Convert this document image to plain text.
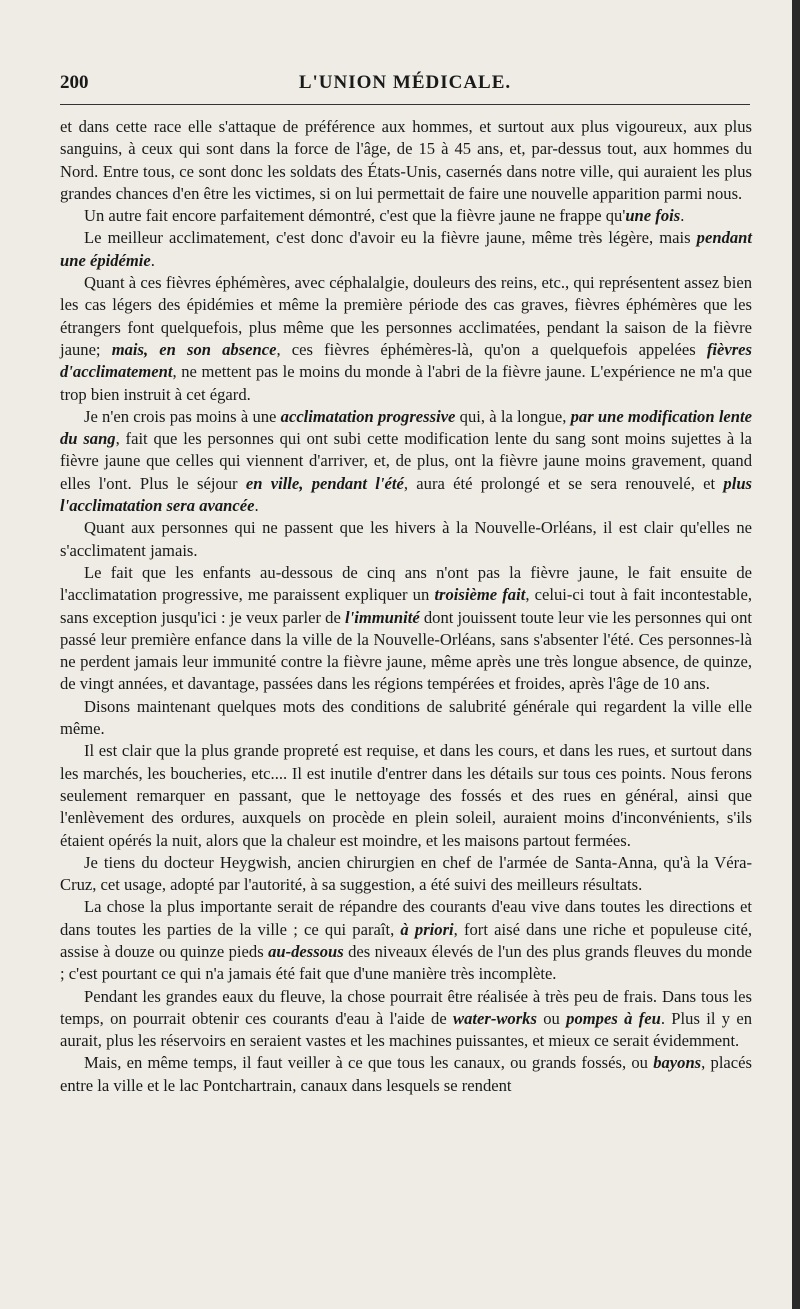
200	L'UNION MÉDICALE.

et dans cette race elle s'attaque de préférence aux hommes, et surtout aux plus vigoureux, aux plus sanguins, à ceux qui sont dans la force de l'âge, de 15 à 45 ans, et, par-dessus tout, aux hommes du Nord. Entre tous, ce sont donc les soldats des États-Unis, casernés dans notre ville, qui auraient les plus grandes chances d'en être les victimes, si on lui permettait de faire une nouvelle apparition parmi nous.

Un autre fait encore parfaitement démontré, c'est que la fièvre jaune ne frappe qu'une fois.

Le meilleur acclimatement, c'est donc d'avoir eu la fièvre jaune, même très légère, mais pendant une épidémie.

Quant à ces fièvres éphémères, avec céphalalgie, douleurs des reins, etc., qui représentent assez bien les cas légers des épidémies et même la première période des cas graves, fièvres éphémères que les étrangers font quelquefois, plus même que les personnes acclimatées, pendant la saison de la fièvre jaune; mais, en son absence, ces fièvres éphémères-là, qu'on a quelquefois appelées fièvres d'acclimatement, ne mettent pas le moins du monde à l'abri de la fièvre jaune. L'expérience ne m'a que trop bien instruit à cet égard.

Je n'en crois pas moins à une acclimatation progressive qui, à la longue, par une modification lente du sang, fait que les personnes qui ont subi cette modification lente du sang sont moins sujettes à la fièvre jaune que celles qui viennent d'arriver, et, de plus, ont la fièvre jaune moins gravement, quand elles l'ont. Plus le séjour en ville, pendant l'été, aura été prolongé et se sera renouvelé, et plus l'acclimatation sera avancée.

Quant aux personnes qui ne passent que les hivers à la Nouvelle-Orléans, il est clair qu'elles ne s'acclimatent jamais.

Le fait que les enfants au-dessous de cinq ans n'ont pas la fièvre jaune, le fait ensuite de l'acclimatation progressive, me paraissent expliquer un troisième fait, celui-ci tout à fait incontestable, sans exception jusqu'ici : je veux parler de l'immunité dont jouissent toute leur vie les personnes qui ont passé leur première enfance dans la ville de la Nouvelle-Orléans, sans s'absenter l'été. Ces personnes-là ne perdent jamais leur immunité contre la fièvre jaune, même après une très longue absence, de quinze, de vingt années, et davantage, passées dans les régions tempérées et froides, après l'âge de 10 ans.

Disons maintenant quelques mots des conditions de salubrité générale qui regardent la ville elle même.

Il est clair que la plus grande propreté est requise, et dans les cours, et dans les rues, et surtout dans les marchés, les boucheries, etc.... Il est inutile d'entrer dans les détails sur tous ces points. Nous ferons seulement remarquer en passant, que le nettoyage des fossés et des rues en général, ainsi que l'enlèvement des ordures, auxquels on procède en plein soleil, auraient moins d'inconvénients, s'ils étaient opérés la nuit, alors que la chaleur est moindre, et les maisons partout fermées.

Je tiens du docteur Heygwish, ancien chirurgien en chef de l'armée de Santa-Anna, qu'à la Véra-Cruz, cet usage, adopté par l'autorité, à sa suggestion, a été suivi des meilleurs résultats.

La chose la plus importante serait de répandre des courants d'eau vive dans toutes les directions et dans toutes les parties de la ville ; ce qui paraît, à priori, fort aisé dans une riche et populeuse cité, assise à douze ou quinze pieds au-dessous des niveaux élevés de l'un des plus grands fleuves du monde ; c'est pourtant ce qui n'a jamais été fait que d'une manière très incomplète.

Pendant les grandes eaux du fleuve, la chose pourrait être réalisée à très peu de frais. Dans tous les temps, on pourrait obtenir ces courants d'eau à l'aide de water-works ou pompes à feu. Plus il y en aurait, plus les réservoirs en seraient vastes et les machines puissantes, et mieux ce serait évidemment.

Mais, en même temps, il faut veiller à ce que tous les canaux, ou grands fossés, ou bayons, placés entre la ville et le lac Pontchartrain, canaux dans lesquels se rendent
